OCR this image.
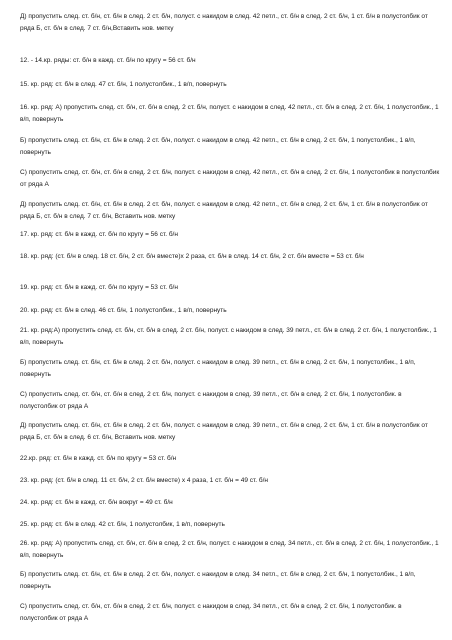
Д) пропустить след. ст. б/н, ст. б/н в след. 2 ст. б/н, полуст. с накидом в след. 42 петл., ст. б/н в след. 2 ст. б/н, 1 ст. б/н в полустолбик от ряда Б, ст. б/н в след. 7 ст. б/н,Вставить нов. метку

12. - 14.кр. ряды: ст. б/н в кажд. ст. б/н по кругу = 56 ст. б/н

15. кр. ряд: ст. б/н в след. 47 ст. б/н, 1 полустолбик., 1 в/п, повернуть

16. кр. ряд: А) пропустить след. ст. б/н, ст. б/н в след. 2 ст. б/н, полуст. с накидом в след. 42 петл., ст. б/н в след. 2 ст. б/н, 1 полустолбик., 1 в/п, повернуть

Б) пропустить след. ст. б/н, ст. б/н в след. 2 ст. б/н, полуст. с накидом в след. 42 петл., ст. б/н в след. 2 ст. б/н, 1 полустолбик., 1 в/п, повернуть

С) пропустить след. ст. б/н, ст. б/н в след. 2 ст. б/н, полуст. с накидом в след. 42 петл., ст. б/н в след. 2 ст. б/н, 1 полустолбик в полустолбик от ряда А

Д) пропустить след. ст. б/н, ст. б/н в след. 2 ст. б/н, полуст. с накидом в след. 42 петл., ст. б/н в след. 2 ст. б/н, 1 ст. б/н в полустолбик от ряда Б, ст. б/н в след. 7 ст. б/н, Вставить нов. метку

17. кр. ряд: ст. б/н в кажд. ст. б/н по кругу = 56 ст. б/н

18. кр. ряд: (ст. б/н в след. 18 ст. б/н, 2 ст. б/н вместе)х 2 раза, ст. б/н в след. 14 ст. б/н, 2 ст. б/н вместе = 53 ст. б/н

19. кр. ряд: ст. б/н в кажд. ст. б/н по кругу = 53 ст. б/н

20. кр. ряд: ст. б/н в след. 46 ст. б/н, 1 полустолбик., 1 в/п, повернуть

21. кр. ряд:А) пропустить след. ст. б/н, ст. б/н в след. 2 ст. б/н, полуст. с накидом в след. 39 петл., ст. б/н в след. 2 ст. б/н, 1 полустолбик., 1 в/п, повернуть

Б) пропустить след. ст. б/н, ст. б/н в след. 2 ст. б/н, полуст. с накидом в след. 39 петл., ст. б/н в след. 2 ст. б/н, 1 полустолбик., 1 в/п, повернуть

С) пропустить след. ст. б/н, ст. б/н в след. 2 ст. б/н, полуст. с накидом в след. 39 петл., ст. б/н в след. 2 ст. б/н, 1 полустолбик. в полустолбик от ряда А

Д) пропустить след. ст. б/н, ст. б/н в след. 2 ст. б/н, полуст. с накидом в след. 39 петл., ст. б/н в след. 2 ст. б/н, 1 ст. б/н в полустолбик от ряда Б, ст. б/н в след. 6 ст. б/н, Вставить нов. метку

22.кр. ряд: ст. б/н в кажд. ст. б/н по кругу = 53 ст. б/н

23. кр. ряд: (ст. б/н в след. 11 ст. б/н, 2 ст. б/н вместе) х 4 раза, 1 ст. б/н = 49 ст. б/н

24. кр. ряд: ст. б/н в кажд. ст. б/н вокруг = 49 ст. б/н

25. кр. ряд: ст. б/н в след. 42 ст. б/н, 1 полустолбик, 1 в/п, повернуть

26. кр. ряд: А) пропустить след. ст. б/н, ст. б/н в след. 2 ст. б/н, полуст. с накидом в след. 34 петл., ст. б/н в след. 2 ст. б/н, 1 полустолбик., 1 в/п, повернуть

Б) пропустить след. ст. б/н, ст. б/н в след. 2 ст. б/н, полуст. с накидом в след. 34 петл., ст. б/н в след. 2 ст. б/н, 1 полустолбик., 1 в/п, повернуть

С) пропустить след. ст. б/н, ст. б/н в след. 2 ст. б/н, полуст. с накидом в след. 34 петл., ст. б/н в след. 2 ст. б/н, 1 полустолбик. в полустолбик от ряда А
